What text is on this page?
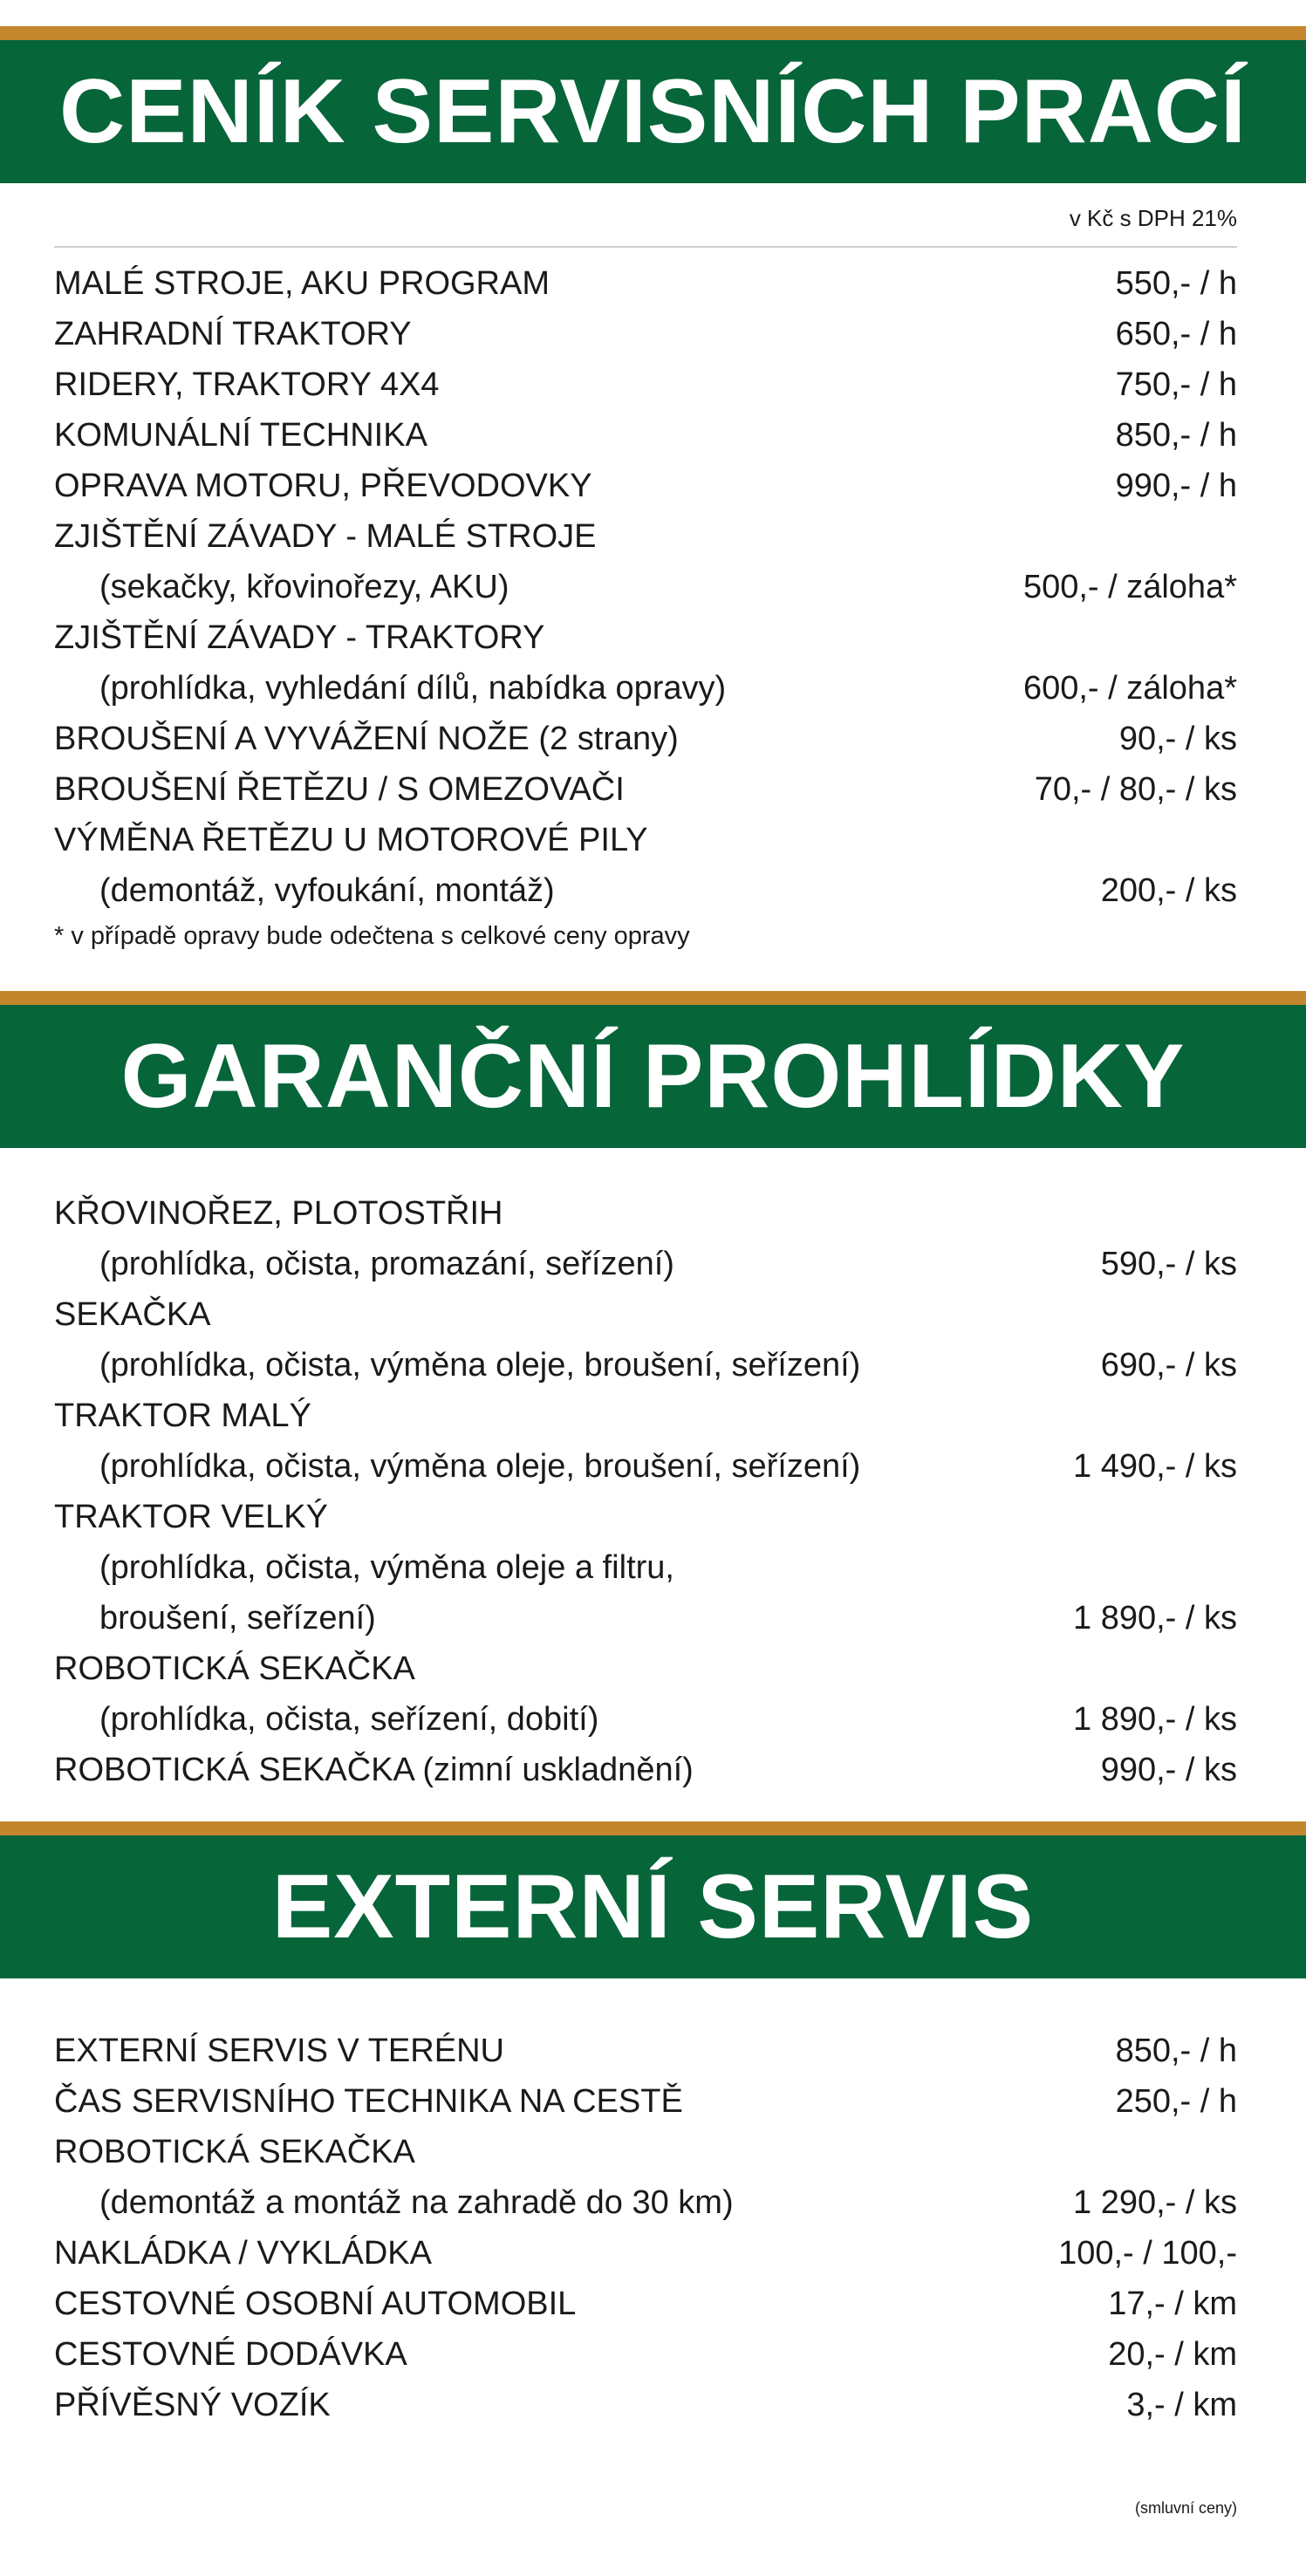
CENÍK SERVISNÍCH PRACÍ
v Kč s DPH 21%
MALÉ STROJE, AKU PROGRAM	550,- / h
ZAHRADNÍ TRAKTORY	650,- / h
RIDERY, TRAKTORY 4X4	750,- / h
KOMUNÁLNÍ TECHNIKA	850,- / h
OPRAVA MOTORU, PŘEVODOVKY	990,- / h
ZJIŠTĚNÍ ZÁVADY - MALÉ STROJE
(sekačky, křovinořezy, AKU)	500,- / záloha*
ZJIŠTĚNÍ ZÁVADY - TRAKTORY
(prohlídka, vyhledání dílů, nabídka opravy)	600,- / záloha*
BROUŠENÍ A VYVÁŽENÍ NOŽE (2 strany)	90,- / ks
BROUŠENÍ ŘETĚZU / S OMEZOVAČI	70,- / 80,- / ks
VÝMĚNA ŘETĚZU U MOTOROVÉ PILY
(demontáž, vyfoukání, montáž)	200,- / ks
* v případě opravy bude odečtena s celkové ceny opravy
GARANČNÍ PROHLÍDKY
KŘOVINOŘEZ, PLOTOSTŘIH
(prohlídka, očista, promazání, seřízení)	590,- / ks
SEKAČKA
(prohlídka, očista, výměna oleje, broušení, seřízení)	690,- / ks
TRAKTOR MALÝ
(prohlídka, očista, výměna oleje, broušení, seřízení)	1 490,- / ks
TRAKTOR VELKÝ
(prohlídka, očista, výměna oleje a filtru,
broušení, seřízení)	1 890,- / ks
ROBOTICKÁ SEKAČKA
(prohlídka, očista, seřízení, dobití)	1 890,- / ks
ROBOTICKÁ SEKAČKA (zimní uskladnění)	990,- / ks
EXTERNÍ SERVIS
EXTERNÍ SERVIS V TERÉNU	850,- / h
ČAS SERVISNÍHO TECHNIKA NA CESTĚ	250,- / h
ROBOTICKÁ SEKAČKA
(demontáž a montáž na zahradě do 30 km)	1 290,- / ks
NAKLÁDKA / VYKLÁDKA	100,- / 100,-
CESTOVNÉ OSOBNÍ AUTOMOBIL	17,- / km
CESTOVNÉ DODÁVKA	20,- / km
PŘÍVĚSNÝ VOZÍK	3,- / km
(smluvní ceny)
